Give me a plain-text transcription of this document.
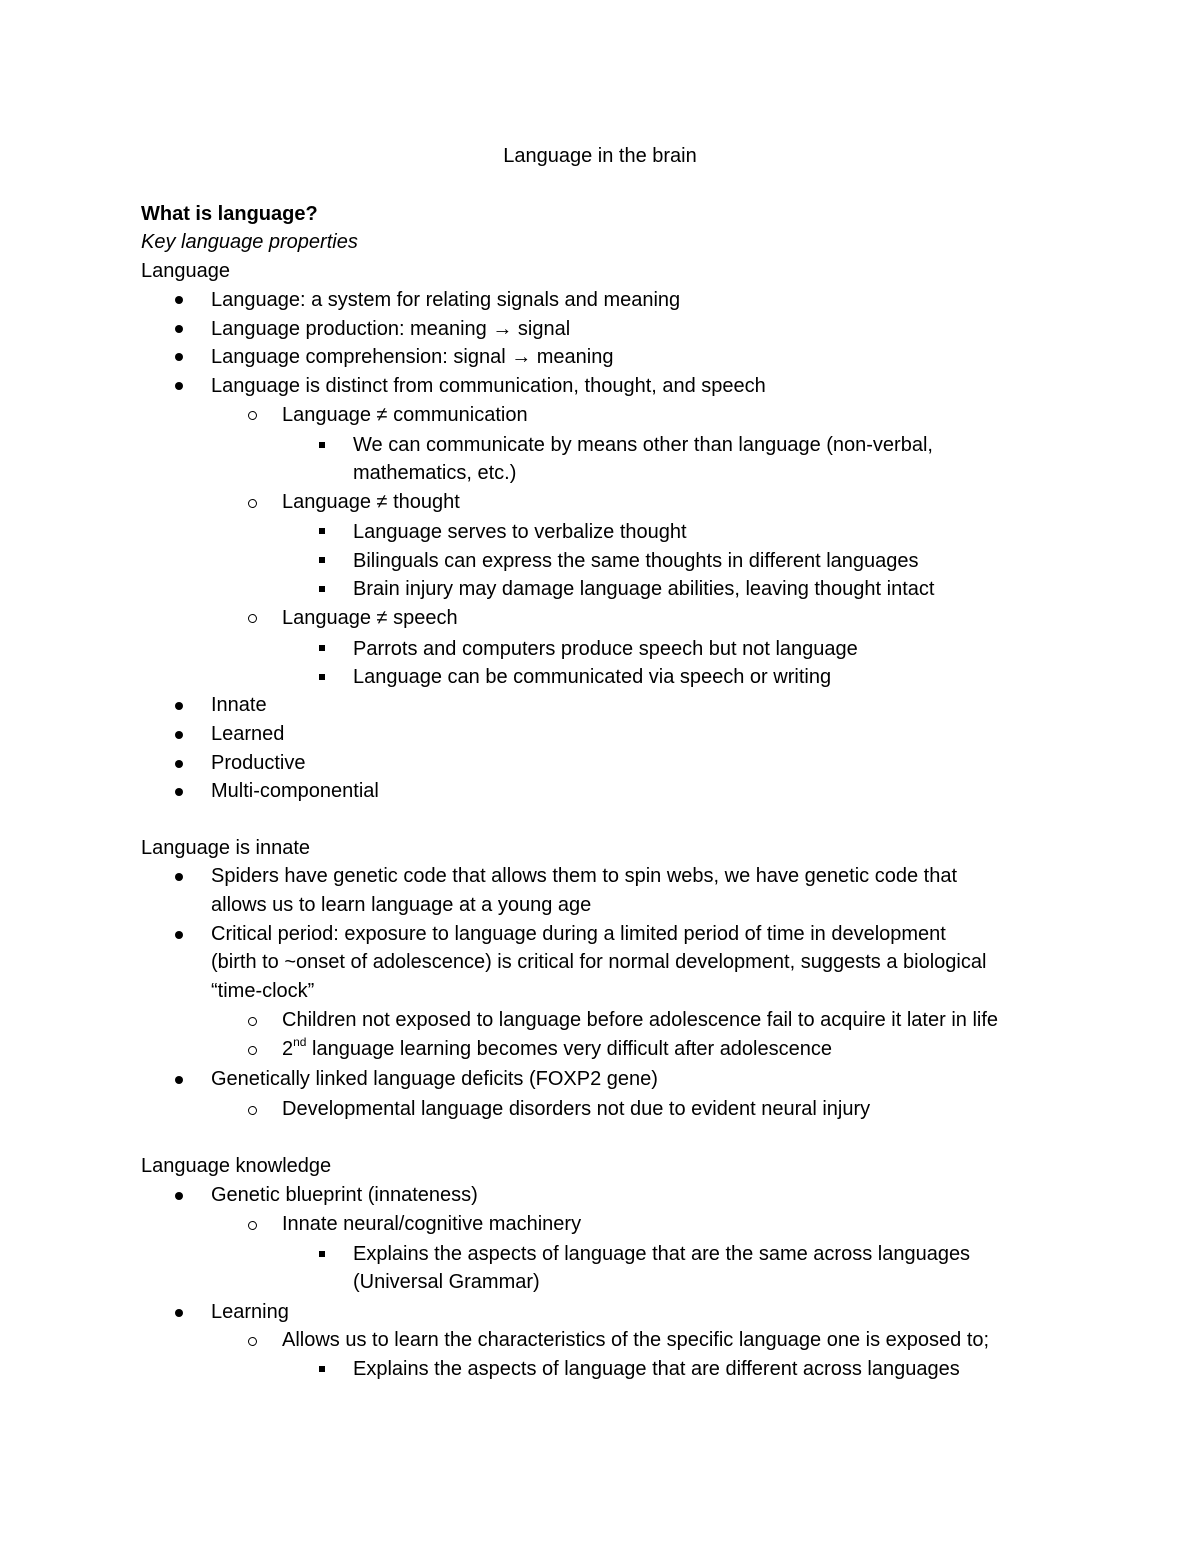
Language in the brain
What is language?
Key language properties
Language
Language: a system for relating signals and meaning
Language production: meaning → signal
Language comprehension: signal → meaning
Language is distinct from communication, thought, and speech
Language ≠ communication
We can communicate by means other than language (non-verbal,
mathematics, etc.)
Language ≠ thought
Language serves to verbalize thought
Bilinguals can express the same thoughts in different languages
Brain injury may damage language abilities, leaving thought intact
Language ≠ speech
Parrots and computers produce speech but not language
Language can be communicated via speech or writing
Innate
Learned
Productive
Multi-componential
Language is innate
Spiders have genetic code that allows them to spin webs, we have genetic code that
allows us to learn language at a young age
Critical period: exposure to language during a limited period of time in development
(birth to ~onset of adolescence) is critical for normal development, suggests a biological
“time-clock”
Children not exposed to language before adolescence fail to acquire it later in life
2nd language learning becomes very difficult after adolescence
Genetically linked language deficits (FOXP2 gene)
Developmental language disorders not due to evident neural injury
Language knowledge
Genetic blueprint (innateness)
Innate neural/cognitive machinery
Explains the aspects of language that are the same across languages
(Universal Grammar)
Learning
Allows us to learn the characteristics of the specific language one is exposed to;
Explains the aspects of language that are different across languages
